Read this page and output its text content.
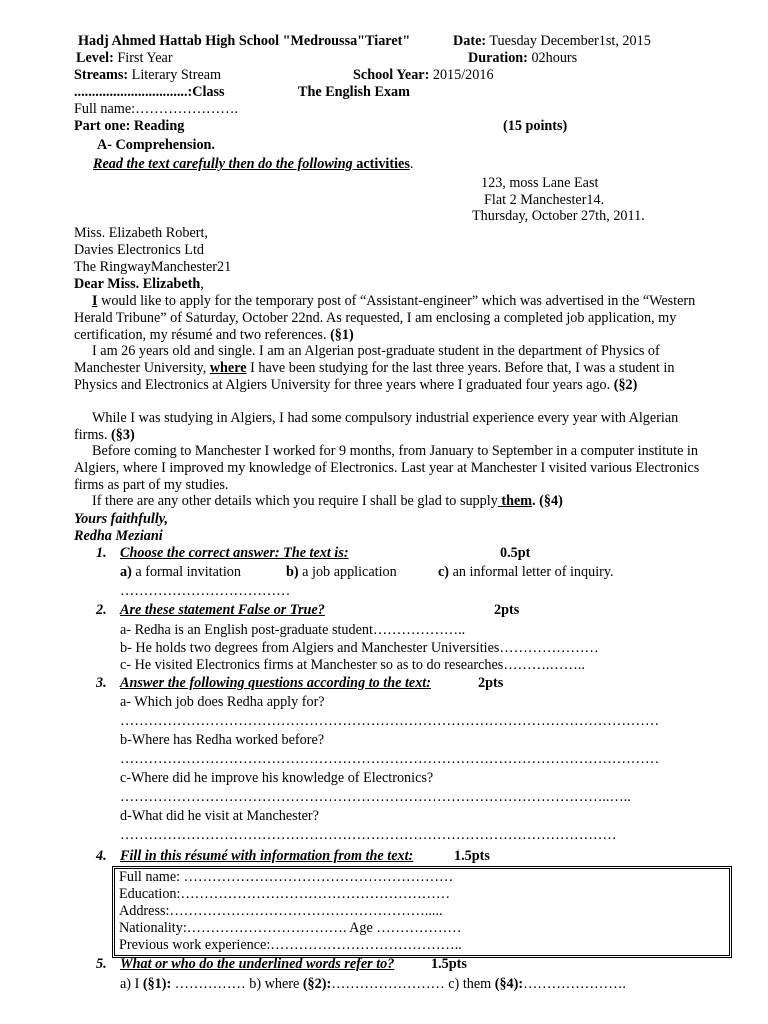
Hadj Ahmed Hattab High School "Medroussa"Tiaret"	Date: Tuesday December1st, 2015
Level: First Year	Duration: 02hours
Streams: Literary Stream	School Year: 2015/2016
................................:Class	The English Exam
Full name:………………….
Part one: Reading	(15 points)
A- Comprehension.
Read the text carefully then do the following activities.
123, moss Lane East
Flat 2 Manchester14.
Thursday, October 27th, 2011.
Miss. Elizabeth Robert,
Davies Electronics Ltd
The RingwayManchester21
Dear Miss. Elizabeth,
I would like to apply for the temporary post of “Assistant-engineer” which was advertised in the “Western Herald Tribune” of Saturday, October 22nd. As requested, I am enclosing a completed job application, my certification, my résumé and two references. (§1)
I am 26 years old and single. I am an Algerian post-graduate student in the department of Physics of Manchester University, where I have been studying for the last three years. Before that, I was a student in Physics and Electronics at Algiers University for three years where I graduated four years ago. (§2)
While I was studying in Algiers, I had some compulsory industrial experience every year with Algerian firms. (§3)
Before coming to Manchester I worked for 9 months, from January to September in a computer institute in Algiers, where I improved my knowledge of Electronics. Last year at Manchester I visited various Electronics firms as part of my studies.
If there are any other details which you require I shall be glad to supply them. (§4)
Yours faithfully,
Redha Meziani
1. Choose the correct answer: The text is:	0.5pt
a) a formal invitation	b) a job application	c) an informal letter of inquiry.
………………………………
2. Are these statement False or True?	2pts
a- Redha is an English post-graduate student………………..
b- He holds two degrees from Algiers and Manchester Universities…………………
c- He visited Electronics firms at Manchester so as to do researches……….……..
3. Answer the following questions according to the text:	2pts
a- Which job does Redha apply for?
……………………………………………………………………………………………………
b-Where has Redha worked before?
……………………………………………………………………………………………………
c-Where did he improve his knowledge of Electronics?
…………………………………………………………………………………………..…..
d-What did he visit at Manchester?
……………………………………………………………………………………………
4. Fill in this résumé with information from the text:	1.5pts
Full name: …………………………………………………
Education:…………………………………………………
Address:……………………………………………….....
Nationality:……………………………. Age ………………
Previous work experience:…………………………………..
5. What or who do the underlined words refer to?	1.5pts
a) I (§1): …………… b) where (§2):…………………… c) them (§4):………………….
